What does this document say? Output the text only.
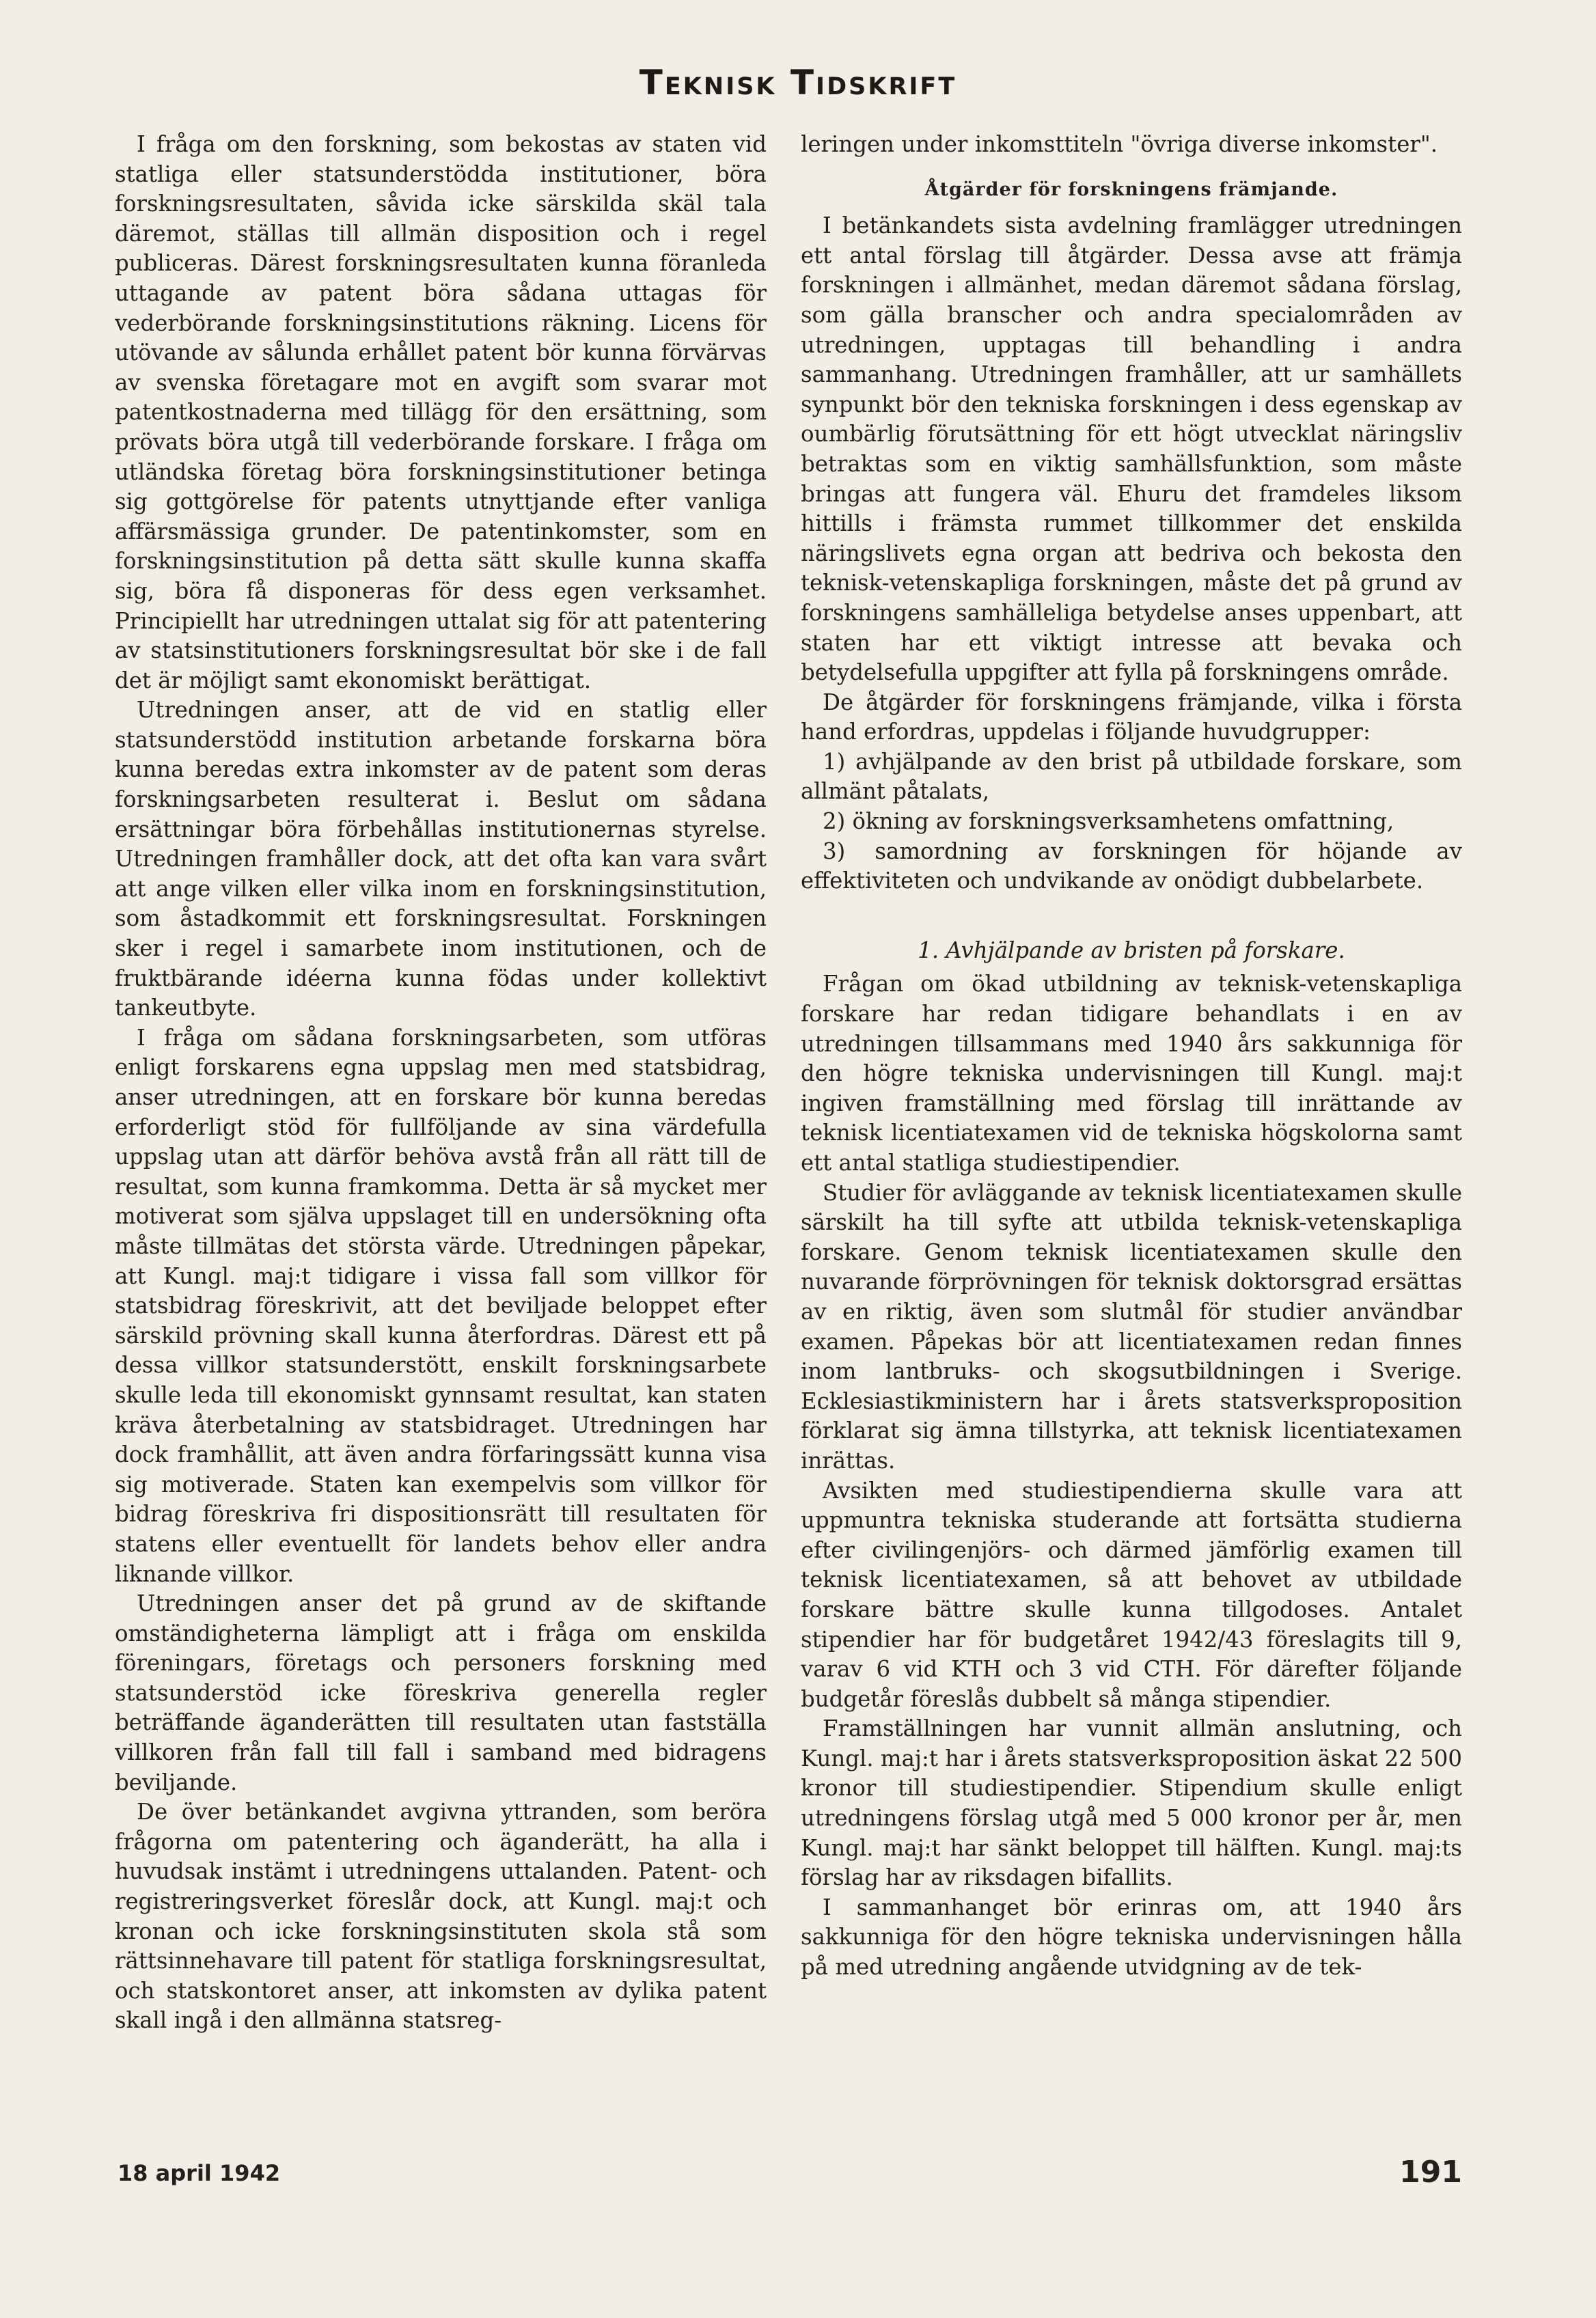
Teknisk Tidskrift

I fråga om den forskning, som bekostas av staten vid statliga eller statsunderstödda institutioner, böra forskningsresultaten, såvida icke särskilda skäl tala däremot, ställas till allmän disposition och i regel publiceras. Därest forskningsresultaten kunna föranleda uttagande av patent böra sådana uttagas för vederbörande forskningsinstitutions räkning. Licens för utövande av sålunda erhållet patent bör kunna förvärvas av svenska företagare mot en avgift som svarar mot patentkostnaderna med tillägg för den ersättning, som prövats böra utgå till vederbörande forskare. I fråga om utländska företag böra forskningsinstitutioner betinga sig gottgörelse för patents utnyttjande efter vanliga affärsmässiga grunder. De patentinkomster, som en forskningsinstitution på detta sätt skulle kunna skaffa sig, böra få disponeras för dess egen verksamhet. Principiellt har utredningen uttalat sig för att patentering av statsinstitutioners forskningsresultat bör ske i de fall det är möjligt samt ekonomiskt berättigat.

Utredningen anser, att de vid en statlig eller statsunderstödd institution arbetande forskarna böra kunna beredas extra inkomster av de patent som deras forskningsarbeten resulterat i. Beslut om sådana ersättningar böra förbehållas institutionernas styrelse. Utredningen framhåller dock, att det ofta kan vara svårt att ange vilken eller vilka inom en forskningsinstitution, som åstadkommit ett forskningsresultat. Forskningen sker i regel i samarbete inom institutionen, och de fruktbärande idéerna kunna födas under kollektivt tankeutbyte.

I fråga om sådana forskningsarbeten, som utföras enligt forskarens egna uppslag men med statsbidrag, anser utredningen, att en forskare bör kunna beredas erforderligt stöd för fullföljande av sina värdefulla uppslag utan att därför behöva avstå från all rätt till de resultat, som kunna framkomma. Detta är så mycket mer motiverat som själva uppslaget till en undersökning ofta måste tillmätas det största värde. Utredningen påpekar, att Kungl. maj:t tidigare i vissa fall som villkor för statsbidrag föreskrivit, att det beviljade beloppet efter särskild prövning skall kunna återfordras. Därest ett på dessa villkor statsunderstött, enskilt forskningsarbete skulle leda till ekonomiskt gynnsamt resultat, kan staten kräva återbetalning av statsbidraget. Utredningen har dock framhållit, att även andra förfaringssätt kunna visa sig motiverade. Staten kan exempelvis som villkor för bidrag föreskriva fri dispositionsrätt till resultaten för statens eller eventuellt för landets behov eller andra liknande villkor.

Utredningen anser det på grund av de skiftande omständigheterna lämpligt att i fråga om enskilda föreningars, företags och personers forskning med statsunderstöd icke föreskriva generella regler beträffande äganderätten till resultaten utan fastställa villkoren från fall till fall i samband med bidragens beviljande.

De över betänkandet avgivna yttranden, som beröra frågorna om patentering och äganderätt, ha alla i huvudsak instämt i utredningens uttalanden. Patent- och registreringsverket föreslår dock, att Kungl. maj:t och kronan och icke forskningsinstituten skola stå som rättsinnehavare till patent för statliga forskningsresultat, och statskontoret anser, att inkomsten av dylika patent skall ingå i den allmänna statsreg-

leringen under inkomsttiteln "övriga diverse inkomster".

Åtgärder för forskningens främjande.

I betänkandets sista avdelning framlägger utredningen ett antal förslag till åtgärder. Dessa avse att främja forskningen i allmänhet, medan däremot sådana förslag, som gälla branscher och andra specialområden av utredningen, upptagas till behandling i andra sammanhang. Utredningen framhåller, att ur samhällets synpunkt bör den tekniska forskningen i dess egenskap av oumbärlig förutsättning för ett högt utvecklat näringsliv betraktas som en viktig samhällsfunktion, som måste bringas att fungera väl. Ehuru det framdeles liksom hittills i främsta rummet tillkommer det enskilda näringslivets egna organ att bedriva och bekosta den teknisk-vetenskapliga forskningen, måste det på grund av forskningens samhälleliga betydelse anses uppenbart, att staten har ett viktigt intresse att bevaka och betydelsefulla uppgifter att fylla på forskningens område.

De åtgärder för forskningens främjande, vilka i första hand erfordras, uppdelas i följande huvudgrupper:

1) avhjälpande av den brist på utbildade forskare, som allmänt påtalats,
2) ökning av forskningsverksamhetens omfattning,
3) samordning av forskningen för höjande av effektiviteten och undvikande av onödigt dubbelarbete.
1. Avhjälpande av bristen på forskare.

Frågan om ökad utbildning av teknisk-vetenskapliga forskare har redan tidigare behandlats i en av utredningen tillsammans med 1940 års sakkunniga för den högre tekniska undervisningen till Kungl. maj:t ingiven framställning med förslag till inrättande av teknisk licentiatexamen vid de tekniska högskolorna samt ett antal statliga studiestipendier.

Studier för avläggande av teknisk licentiatexamen skulle särskilt ha till syfte att utbilda teknisk-vetenskapliga forskare. Genom teknisk licentiatexamen skulle den nuvarande förprövningen för teknisk doktorsgrad ersättas av en riktig, även som slutmål för studier användbar examen. Påpekas bör att licentiatexamen redan finnes inom lantbruks- och skogsutbildningen i Sverige. Ecklesiastikministern har i årets statsverksproposition förklarat sig ämna tillstyrka, att teknisk licentiatexamen inrättas.

Avsikten med studiestipendierna skulle vara att uppmuntra tekniska studerande att fortsätta studierna efter civilingenjörs- och därmed jämförlig examen till teknisk licentiatexamen, så att behovet av utbildade forskare bättre skulle kunna tillgodoses. Antalet stipendier har för budgetåret 1942/43 föreslagits till 9, varav 6 vid KTH och 3 vid CTH. För därefter följande budgetår föreslås dubbelt så många stipendier.

Framställningen har vunnit allmän anslutning, och Kungl. maj:t har i årets statsverksproposition äskat 22 500 kronor till studiestipendier. Stipendium skulle enligt utredningens förslag utgå med 5 000 kronor per år, men Kungl. maj:t har sänkt beloppet till hälften. Kungl. maj:ts förslag har av riksdagen bifallits.

I sammanhanget bör erinras om, att 1940 års sakkunniga för den högre tekniska undervisningen hålla på med utredning angående utvidgning av de tek-

18 april 1942	191
